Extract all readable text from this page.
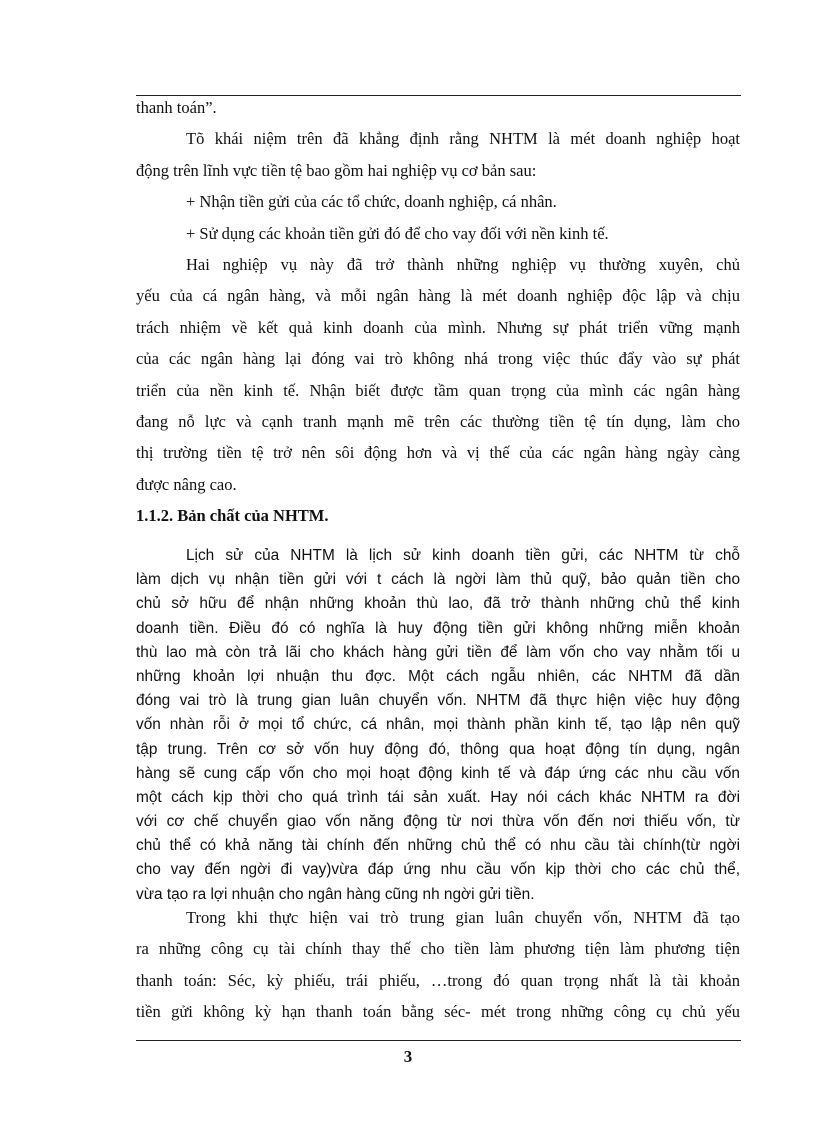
thanh toán”.

Tõ khái niệm trên đã khẳng định rằng NHTM là mét doanh nghiệp hoạt

động trên lĩnh vực tiền tệ bao gồm hai nghiệp vụ cơ bản sau:

+ Nhận tiền gửi của các tổ chức, doanh nghiệp, cá nhân.

+ Sử dụng các khoản tiền gửi đó để cho vay đối với nền kinh tế.

Hai nghiệp vụ này đã trở thành những nghiệp vụ thường xuyên, chủ

yếu của cá ngân hàng, và mỗi ngân hàng là mét doanh nghiệp độc lập và chịu

trách nhiệm về kết quả kinh doanh của mình. Nhưng sự phát triển vững mạnh

của các ngân hàng lại đóng vai trò không nhá trong việc thúc đẩy vào sự phát

triển của nền kinh tế. Nhận biết được tầm quan trọng của mình các ngân hàng

đang nỗ lực và cạnh tranh mạnh mẽ trên các thường tiền tệ tín dụng, làm cho

thị trường tiền tệ trở nên sôi động hơn và vị thế của các ngân hàng ngày càng

được nâng cao.

1.1.2. Bản chất của NHTM.

Lịch sử của NHTM là lịch sử kinh doanh tiền gửi, các NHTM từ chỗ

làm dịch vụ nhận tiền gửi với t cách là ngời làm thủ quỹ, bảo quản tiền cho

chủ sở hữu để nhận những khoản thù lao, đã trở thành những chủ thể kinh

doanh tiền. Điều đó có nghĩa là huy động tiền gửi không những miễn khoản

thù lao mà còn trả lãi cho khách hàng gửi tiền để làm vốn cho vay nhằm tối u

những khoản lợi nhuận thu đợc. Một cách ngẫu nhiên, các NHTM đã dần

đóng vai trò là trung gian luân chuyển vốn. NHTM đã thực hiện việc huy động

vốn nhàn rỗi ở mọi tổ chức, cá nhân, mọi thành phần kinh tế, tạo lập nên quỹ

tập trung. Trên cơ sở vốn huy động đó, thông qua hoạt động tín dụng, ngân

hàng sẽ cung cấp vốn cho mọi hoạt động kinh tế và đáp ứng các nhu cầu vốn

một cách kịp thời cho quá trình tái sản xuất. Hay nói cách khác NHTM ra đời

với cơ chế chuyển giao vốn năng động từ nơi thừa vốn đến nơi thiếu vốn, từ

chủ thể có khả năng tài chính đến những chủ thể có nhu cầu tài chính(từ ngời

cho vay đến ngời đi vay)vừa đáp ứng nhu cầu vốn kịp thời cho các chủ thể,

vừa tạo ra lợi nhuận cho ngân hàng cũng nh ngời gửi tiền.

Trong khi thực hiện vai trò trung gian luân chuyển vốn, NHTM đã tạo

ra những công cụ tài chính thay thế cho tiền làm phương tiện làm phương tiện

thanh toán: Séc, kỳ phiếu, trái phiếu, …trong đó quan trọng nhất là tài khoản

tiền gửi không kỳ hạn thanh toán bằng séc- mét trong những công cụ chủ yếu

3
